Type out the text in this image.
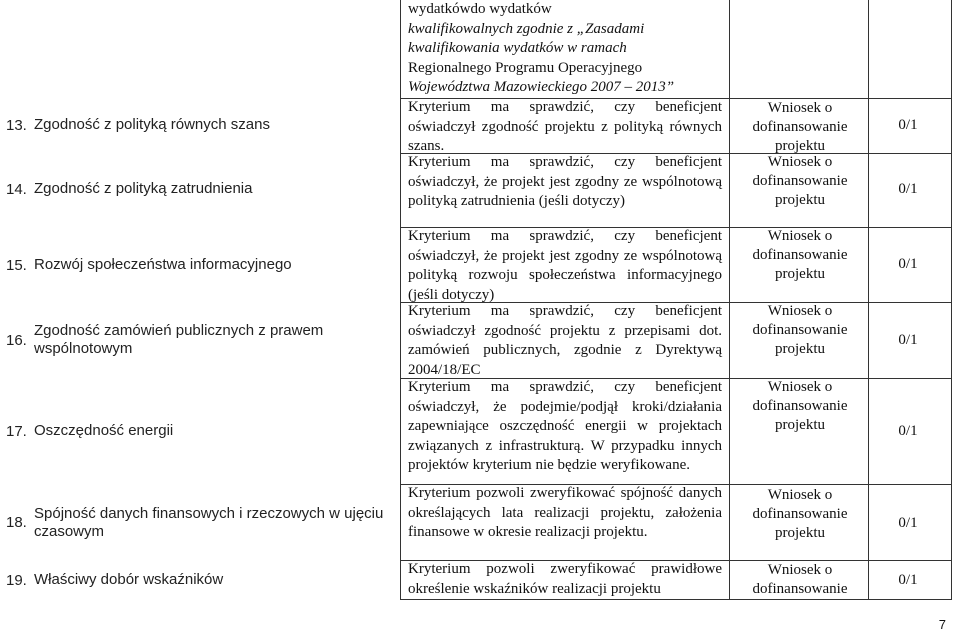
wydatkówdo wydatków
kwalifikowalnych zgodnie z „Zasadami
kwalifikowania wydatków w ramach
Regionalnego Programu Operacyjnego
Województwa Mazowieckiego 2007 – 2013”
13. Zgodność z polityką równych szans
14. Zgodność z polityką zatrudnienia
15. Rozwój społeczeństwa informacyjnego
16.
Zgodność zamówień publicznych z prawem wspólnotowym
17. Oszczędność energii
18.
Spójność danych finansowych i rzeczowych w ujęciu czasowym
19. Właściwy dobór wskaźników
Kryterium ma sprawdzić, czy beneficjent oświadczył zgodność projektu z polityką równych szans.
Kryterium ma sprawdzić, czy beneficjent oświadczył, że projekt jest zgodny ze wspólnotową polityką zatrudnienia (jeśli dotyczy)
Kryterium ma sprawdzić, czy beneficjent oświadczył, że projekt jest zgodny ze wspólnotową polityką rozwoju społeczeństwa informacyjnego (jeśli dotyczy)
Kryterium ma sprawdzić, czy beneficjent oświadczył zgodność projektu z przepisami dot. zamówień publicznych, zgodnie z Dyrektywą 2004/18/EC
Kryterium ma sprawdzić, czy beneficjent oświadczył, że podejmie/podjął kroki/działania zapewniające oszczędność energii w projektach związanych z infrastrukturą. W przypadku innych projektów kryterium nie będzie weryfikowane.
Kryterium pozwoli zweryfikować spójność danych określających lata realizacji projektu, założenia finansowe w okresie realizacji projektu.
Kryterium pozwoli zweryfikować prawidłowe określenie wskaźników realizacji projektu
Wniosek o
dofinansowanie
projektu
Wniosek o
dofinansowanie
projektu
Wniosek o
dofinansowanie
projektu
Wniosek o
dofinansowanie
projektu
Wniosek o
dofinansowanie
projektu
Wniosek o
dofinansowanie
projektu
Wniosek o
dofinansowanie
0/1
0/1
0/1
0/1
0/1
0/1
0/1
7
